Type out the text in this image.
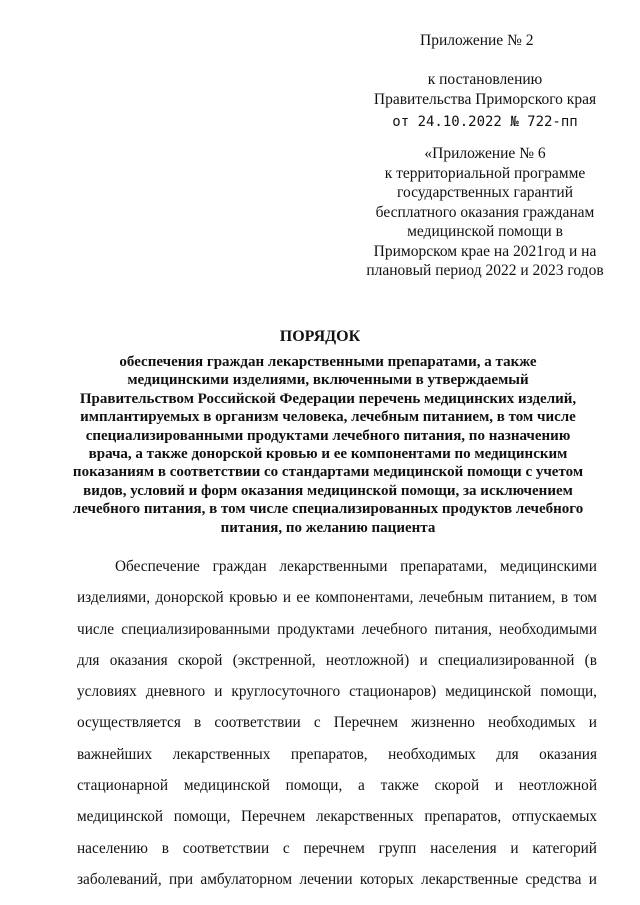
Приложение № 2
к постановлению
Правительства Приморского края
от 24.10.2022 № 722-пп
«Приложение № 6
к территориальной программе
государственных гарантий
бесплатного оказания гражданам
медицинской помощи в
Приморском крае на 2021год и на
плановый период 2022 и 2023 годов
ПОРЯДОК
обеспечения граждан лекарственными препаратами, а также
медицинскими изделиями, включенными в утверждаемый
Правительством Российской Федерации перечень медицинских изделий,
имплантируемых в организм человека, лечебным питанием, в том числе
специализированными продуктами лечебного питания, по назначению
врача, а также донорской кровью и ее компонентами по медицинским
показаниям в соответствии со стандартами медицинской помощи с учетом
видов, условий и форм оказания медицинской помощи, за исключением
лечебного питания, в том числе специализированных продуктов лечебного
питания, по желанию пациента
Обеспечение граждан лекарственными препаратами, медицинскими
изделиями, донорской кровью и ее компонентами, лечебным питанием, в том
числе специализированными продуктами лечебного питания, необходимыми
для оказания скорой (экстренной, неотложной) и специализированной (в
условиях дневного и круглосуточного стационаров) медицинской помощи,
осуществляется в соответствии с Перечнем жизненно необходимых и
важнейших лекарственных препаратов, необходимых для оказания
стационарной медицинской помощи, а также скорой и неотложной
медицинской помощи, Перечнем лекарственных препаратов, отпускаемых
населению в соответствии с перечнем групп населения и категорий
заболеваний, при амбулаторном лечении которых лекарственные средства и
